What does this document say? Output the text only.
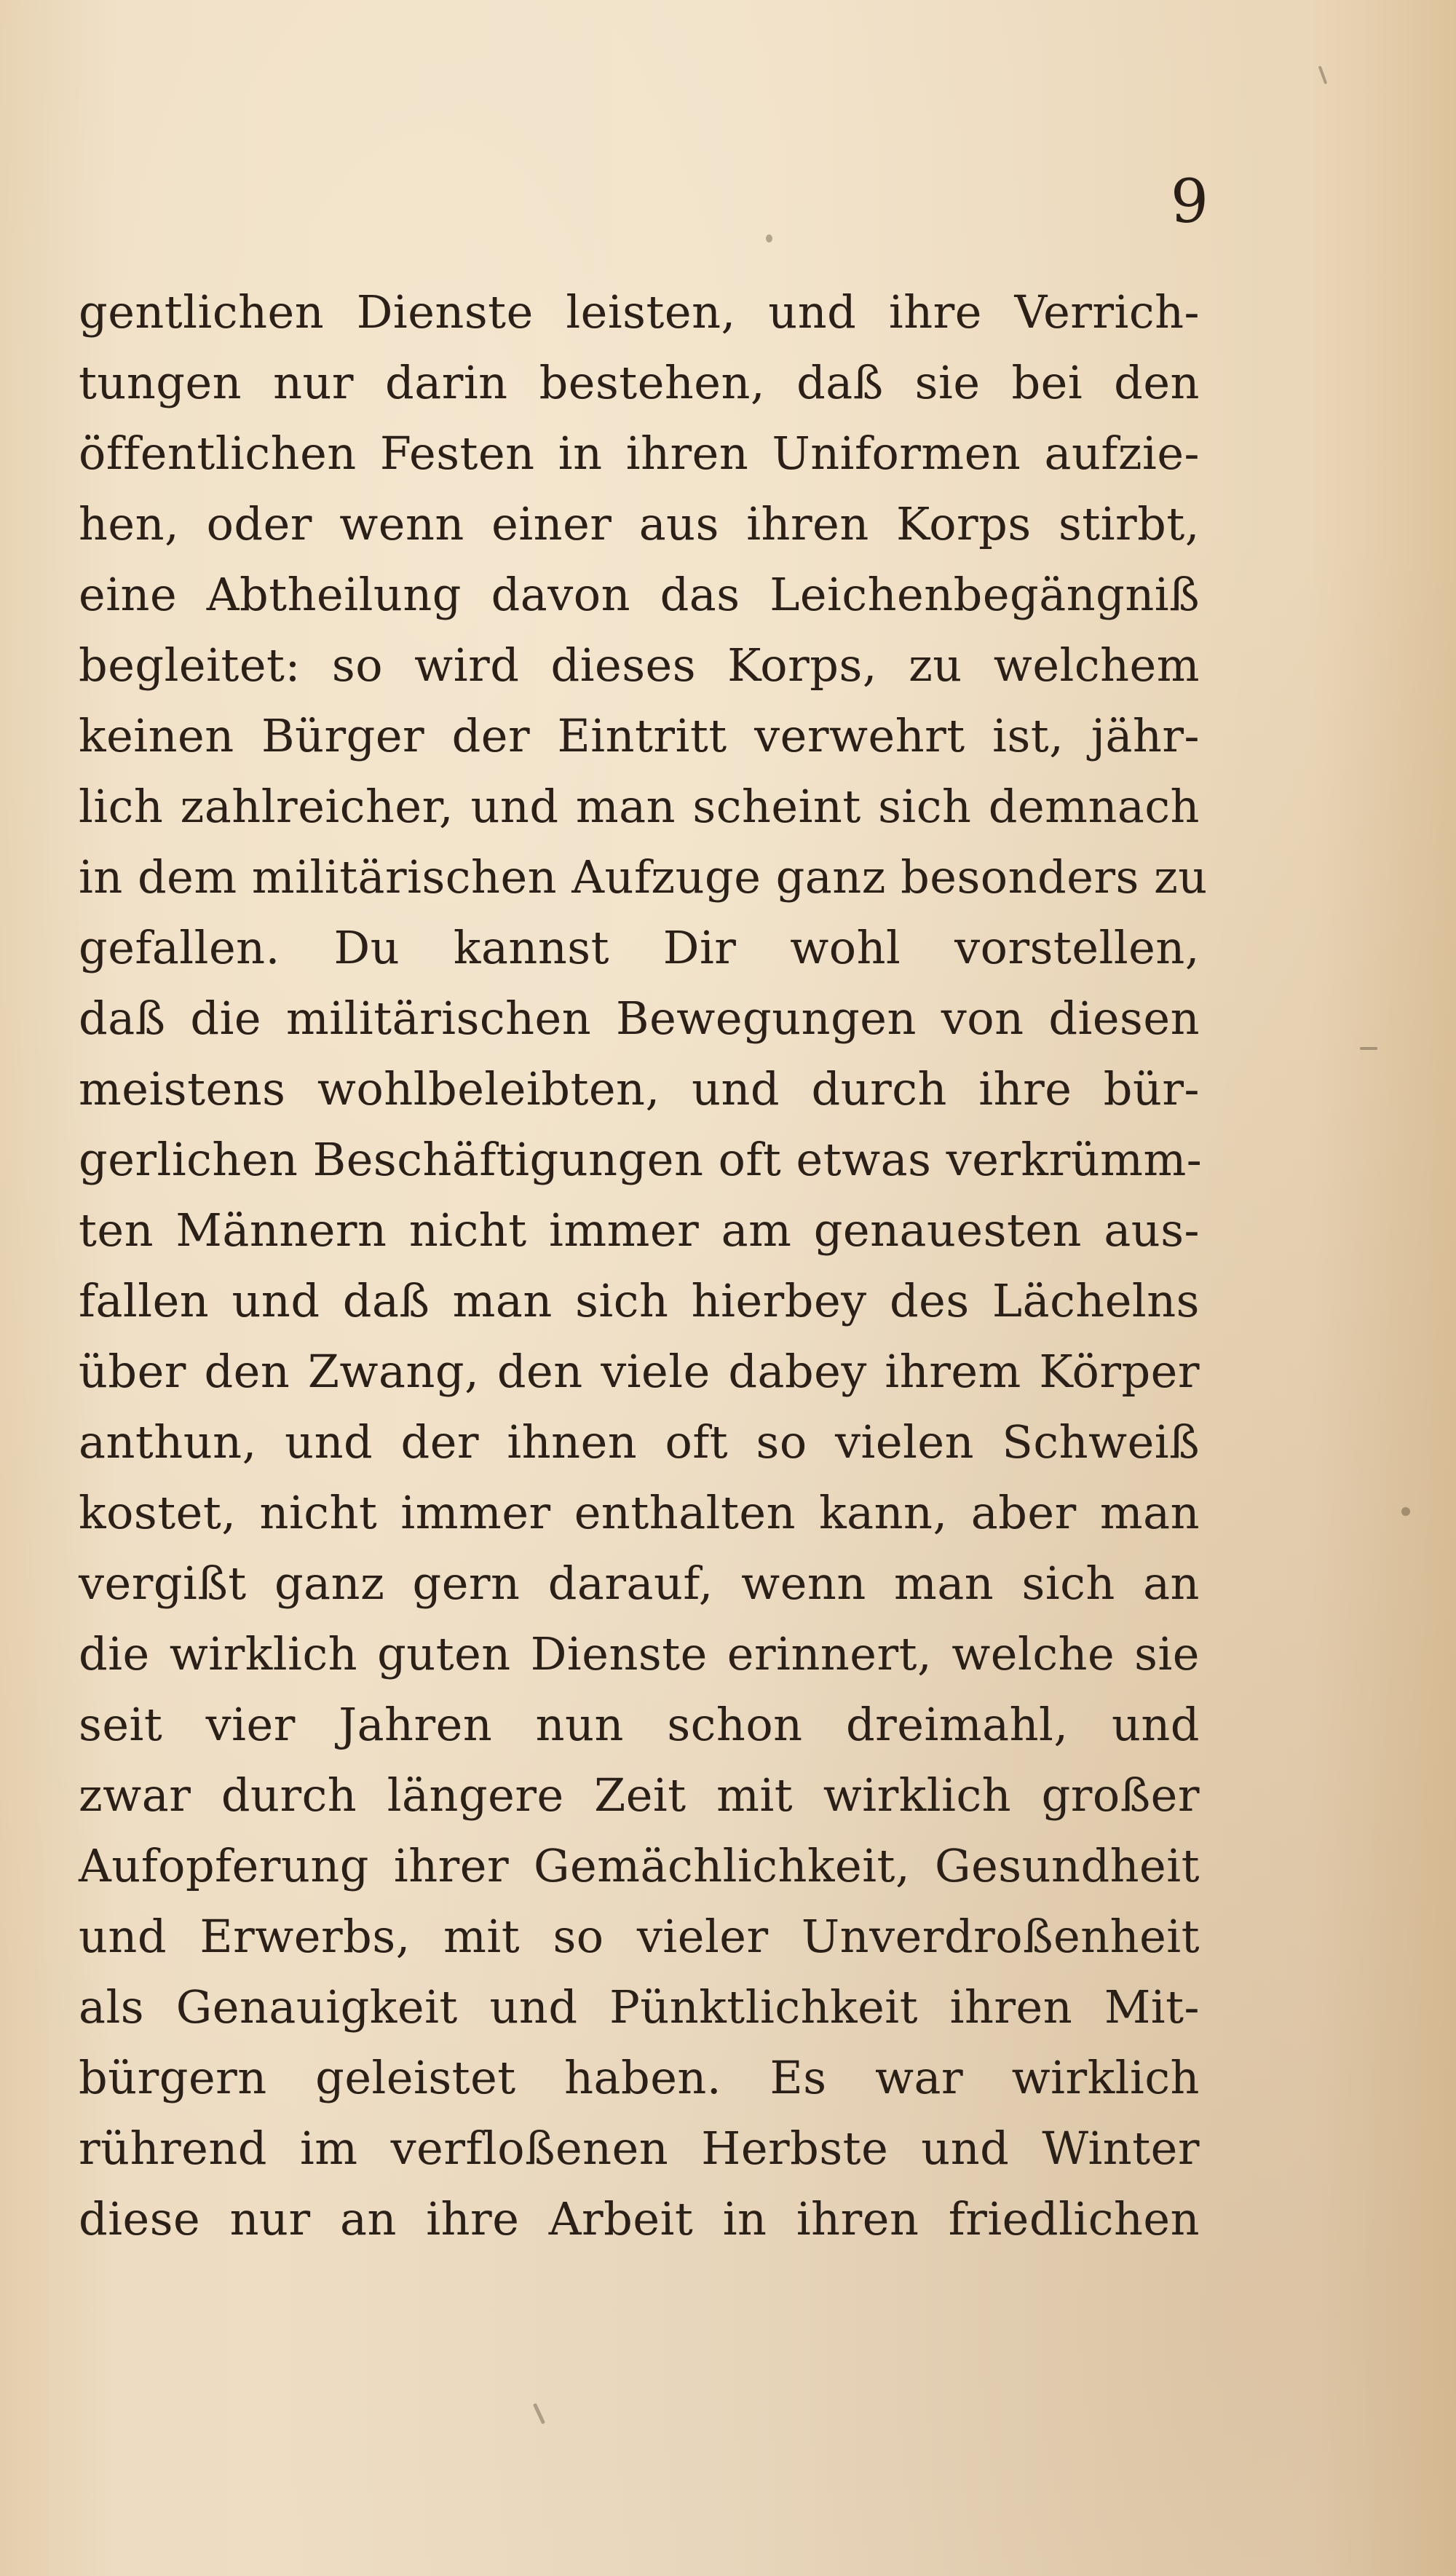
9

gentlichen Dienste leisten, und ihre Verrich-
tungen nur darin bestehen, daß sie bei den
öffentlichen Festen in ihren Uniformen aufzie-
hen, oder wenn einer aus ihren Korps stirbt,
eine Abtheilung davon das Leichenbegängniß
begleitet: so wird dieses Korps, zu welchem
keinen Bürger der Eintritt verwehrt ist, jähr-
lich zahlreicher, und man scheint sich demnach
in dem militärischen Aufzuge ganz besonders zu
gefallen. Du kannst Dir wohl vorstellen,
daß die militärischen Bewegungen von diesen
meistens wohlbeleibten, und durch ihre bür-
gerlichen Beschäftigungen oft etwas verkrümm-
ten Männern nicht immer am genauesten aus-
fallen und daß man sich hierbey des Lächelns
über den Zwang, den viele dabey ihrem Körper
anthun, und der ihnen oft so vielen Schweiß
kostet, nicht immer enthalten kann, aber man
vergißt ganz gern darauf, wenn man sich an
die wirklich guten Dienste erinnert, welche sie
seit vier Jahren nun schon dreimahl, und
zwar durch längere Zeit mit wirklich großer
Aufopferung ihrer Gemächlichkeit, Gesundheit
und Erwerbs, mit so vieler Unverdroßenheit
als Genauigkeit und Pünktlichkeit ihren Mit-
bürgern geleistet haben. Es war wirklich
rührend im verfloßenen Herbste und Winter
diese nur an ihre Arbeit in ihren friedlichen
